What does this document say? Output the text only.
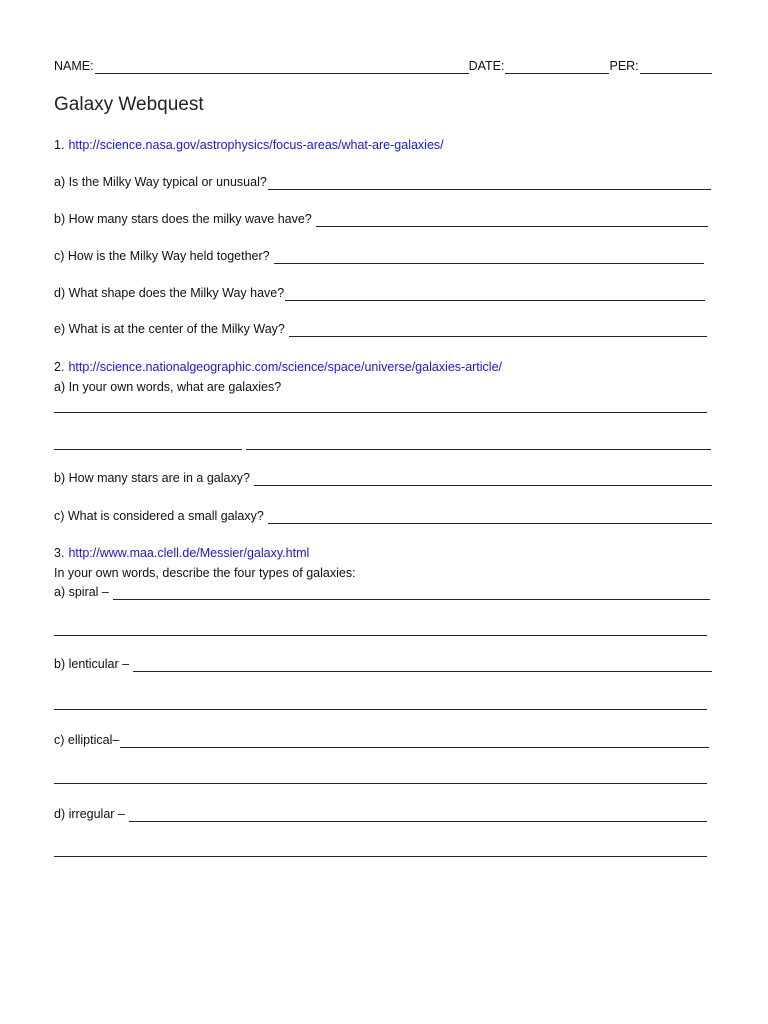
NAME:	DATE:	PER:
Galaxy Webquest
1. http://science.nasa.gov/astrophysics/focus-areas/what-are-galaxies/
a) Is the Milky Way typical or unusual?
b) How many stars does the milky wave have?
c) How is the Milky Way held together?
d) What shape does the Milky Way have?
e) What is at the center of the Milky Way?
2. http://science.nationalgeographic.com/science/space/universe/galaxies-article/
a) In your own words, what are galaxies?
b) How many stars are in a galaxy?
c) What is considered a small galaxy?
3. http://www.maa.clell.de/Messier/galaxy.html
In your own words, describe the four types of galaxies:
a) spiral –
b) lenticular –
c) elliptical–
d) irregular –
